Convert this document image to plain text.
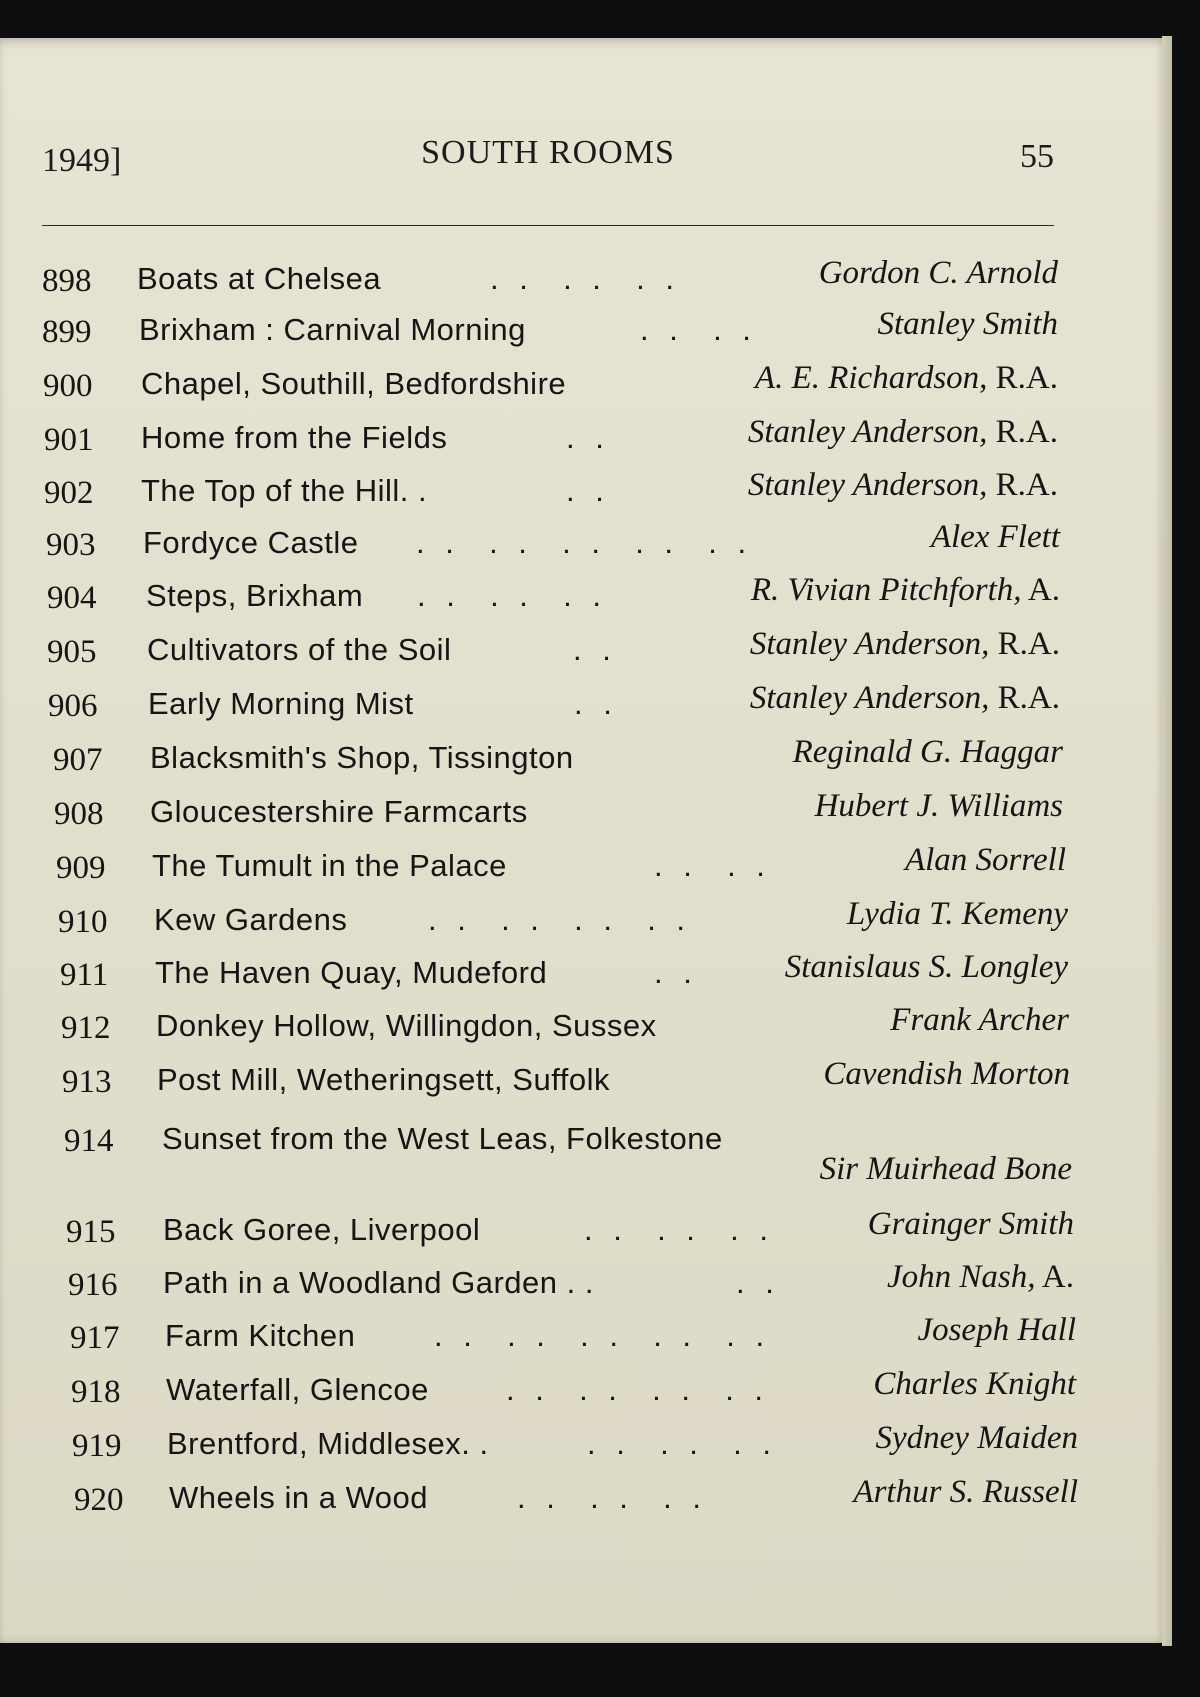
1949]	SOUTH ROOMS	55
898 Boats at Chelsea	. .  . .  . .	Gordon C. Arnold
899 Brixham : Carnival Morning	. .  . .	Stanley Smith
900 Chapel, Southill, Bedfordshire	A. E. Richardson, R.A.
901 Home from the Fields	. .	Stanley Anderson, R.A.
902 The Top of the Hill. .	. .	Stanley Anderson, R.A.
903 Fordyce Castle . .  . .  . .  . .  . .	Alex Flett
904 Steps, Brixham . .  . .  . .	R. Vivian Pitchforth, A.
905 Cultivators of the Soil	. .	Stanley Anderson, R.A.
906 Early Morning Mist	. .	Stanley Anderson, R.A.
907 Blacksmith's Shop, Tissington	Reginald G. Haggar
908 Gloucestershire Farmcarts	Hubert J. Williams
909 The Tumult in the Palace	. .  . .	Alan Sorrell
910 Kew Gardens	. .  . .  . .  . .	Lydia T. Kemeny
911 The Haven Quay, Mudeford	. .	Stanislaus S. Longley
912 Donkey Hollow, Willingdon, Sussex	Frank Archer
913 Post Mill, Wetheringsett, Suffolk	Cavendish Morton
914 Sunset from the West Leas, Folkestone
Sir Muirhead Bone
915 Back Goree, Liverpool	. .  . .  . .	Grainger Smith
916 Path in a Woodland Garden . .	. .	John Nash, A.
917 Farm Kitchen	. .  . .  . .  . .  . .	Joseph Hall
918 Waterfall, Glencoe . .  . .  . .  . .	Charles Knight
919 Brentford, Middlesex. .	. .  . .  . .	Sydney Maiden
920 Wheels in a Wood	. .  . .  . .	Arthur S. Russell
